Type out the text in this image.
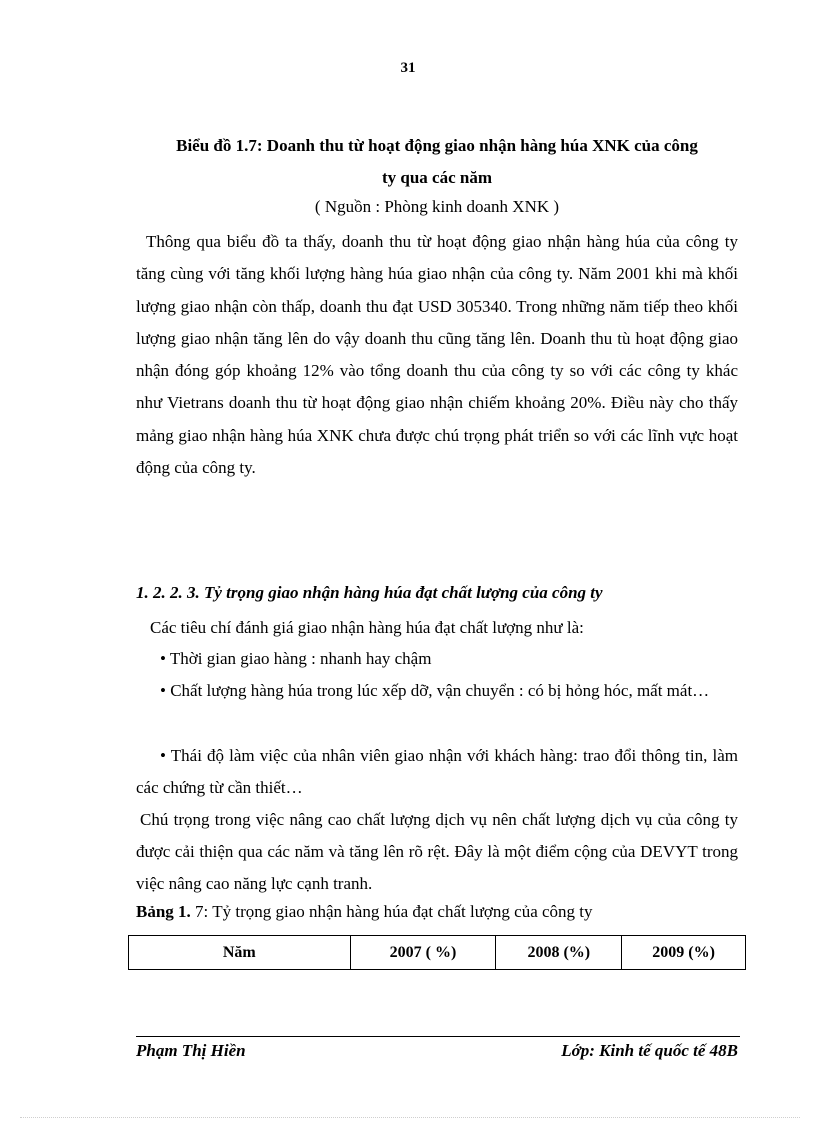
31
Biểu đồ 1.7: Doanh thu từ hoạt động giao nhận hàng húa XNK của công
ty qua các năm
( Nguồn : Phòng kinh doanh XNK )

Thông qua biểu đồ ta thấy, doanh thu từ hoạt động giao nhận hàng húa của công ty tăng cùng với tăng khối lượng hàng húa giao nhận của công ty. Năm 2001 khi mà khối lượng giao nhận còn thấp, doanh thu đạt USD 305340. Trong những năm tiếp theo khối lượng giao nhận tăng lên do vậy doanh thu cũng tăng lên. Doanh thu tù hoạt động giao nhận đóng góp khoảng 12% vào tổng doanh thu của công ty so với các công ty khác như Vietrans doanh thu từ hoạt động giao nhận chiếm khoảng 20%. Điều này cho thấy mảng giao nhận hàng húa XNK chưa được chú trọng phát triển so với các lĩnh vực hoạt động của công ty.

1. 2. 2. 3. Tỷ trọng giao nhận hàng húa đạt chất lượng của công ty

Các tiêu chí đánh giá giao nhận hàng húa đạt chất lượng như là:

• Thời gian giao hàng : nhanh hay chậm

• Chất lượng hàng húa trong lúc xếp dỡ, vận chuyển : có bị hỏng hóc, mất mát…

• Thái độ làm việc của nhân viên giao nhận với khách hàng: trao đổi thông tin, làm các chứng từ cần thiết…

Chú trọng trong việc nâng cao chất lượng dịch vụ nên chất lượng dịch vụ của công ty được cải thiện qua các năm và tăng lên rõ rệt. Đây là một điểm cộng của DEVYT trong việc nâng cao năng lực cạnh tranh.

Bảng 1. 7: Tỷ trọng giao nhận hàng húa đạt chất lượng của công ty
Năm	2007 ( %)	2008 (%)	2009 (%)
Phạm Thị Hiền	Lớp: Kinh tế quốc tế 48B
